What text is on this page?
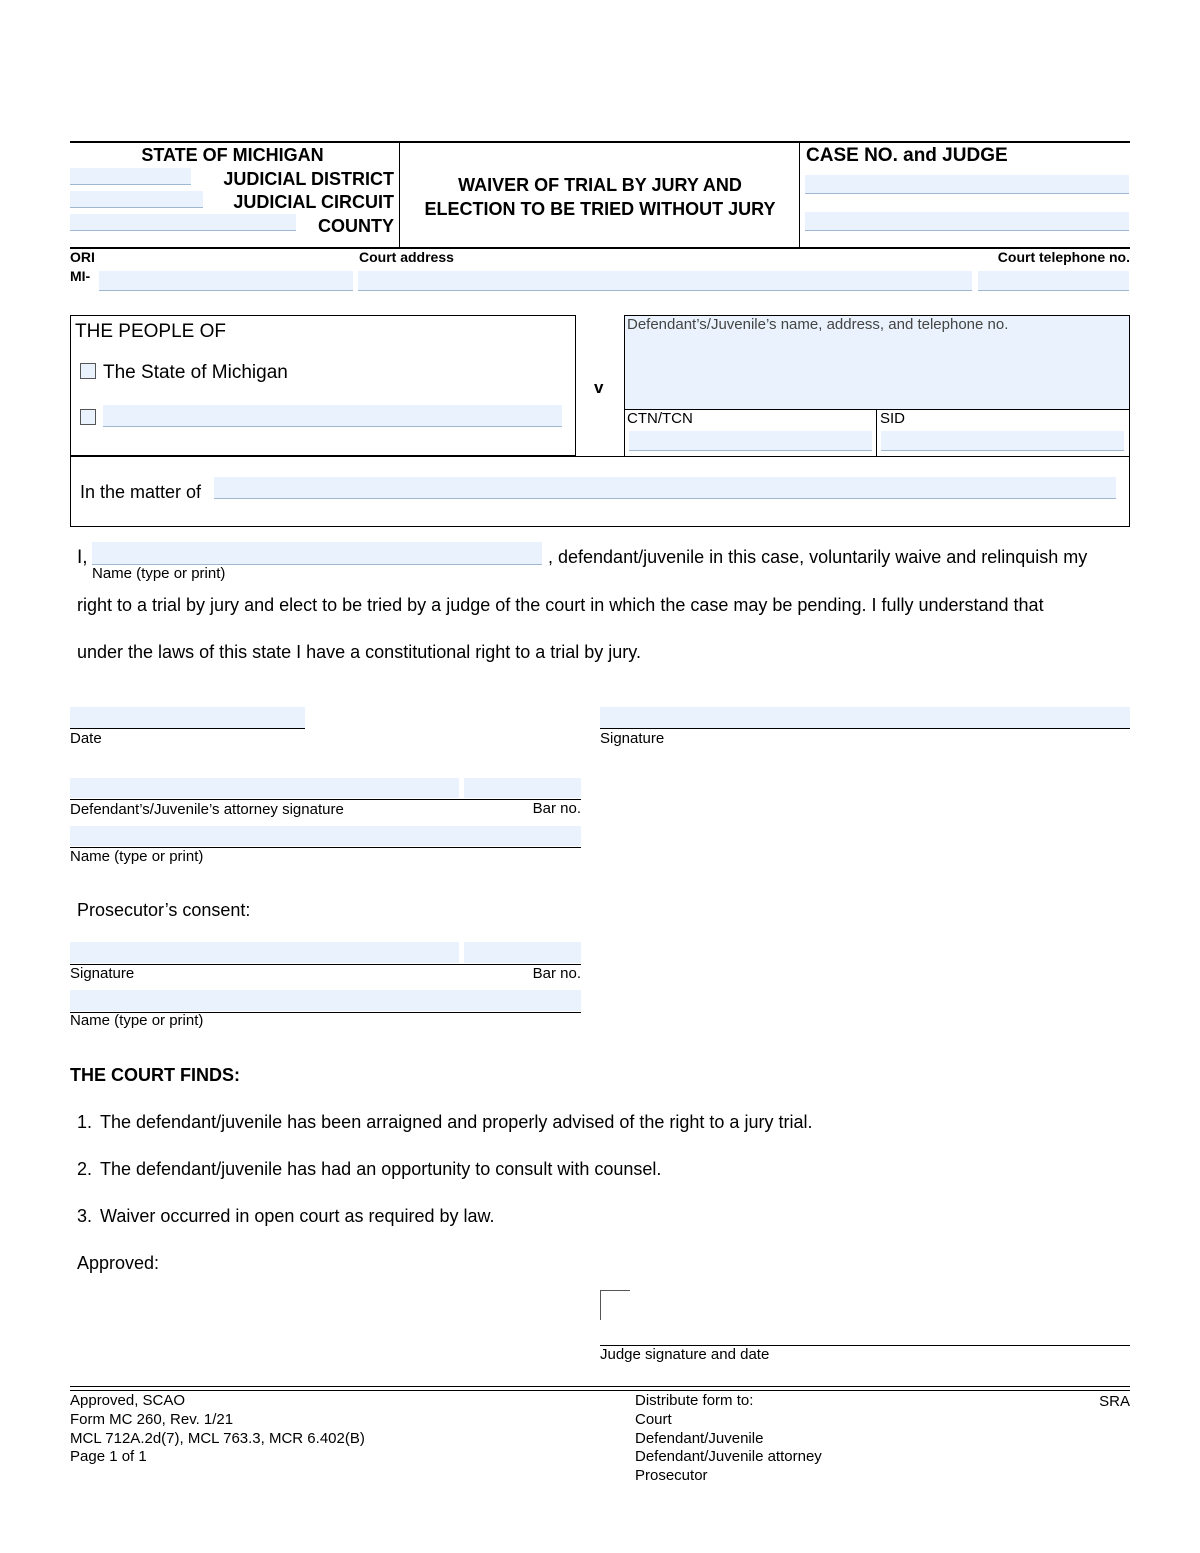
STATE OF MICHIGAN
JUDICIAL DISTRICT
JUDICIAL CIRCUIT
COUNTY
WAIVER OF TRIAL BY JURY AND
ELECTION TO BE TRIED WITHOUT JURY
CASE NO. and JUDGE
ORI
MI-
Court address	Court telephone no.
THE PEOPLE OF
The State of Michigan
v
Defendant’s/Juvenile’s name, address, and telephone no.
CTN/TCN	SID
In the matter of
I,
Name (type or print)
, defendant/juvenile in this case, voluntarily waive and relinquish my
right to a trial by jury and elect to be tried by a judge of the court in which the case may be pending. I fully understand that
under the laws of this state I have a constitutional right to a trial by jury.
Date	Signature
Defendant’s/Juvenile’s attorney signature	Bar no.
Name (type or print)
Prosecutor’s consent:
Signature	Bar no.
Name (type or print)
THE COURT FINDS:
1. The defendant/juvenile has been arraigned and properly advised of the right to a jury trial.
2. The defendant/juvenile has had an opportunity to consult with counsel.
3. Waiver occurred in open court as required by law.
Approved:
Judge signature and date
Approved, SCAO
Form MC 260, Rev. 1/21
MCL 712A.2d(7), MCL 763.3, MCR 6.402(B)
Page 1 of 1
Distribute form to:
Court
Defendant/Juvenile
Defendant/Juvenile attorney
Prosecutor
SRA
